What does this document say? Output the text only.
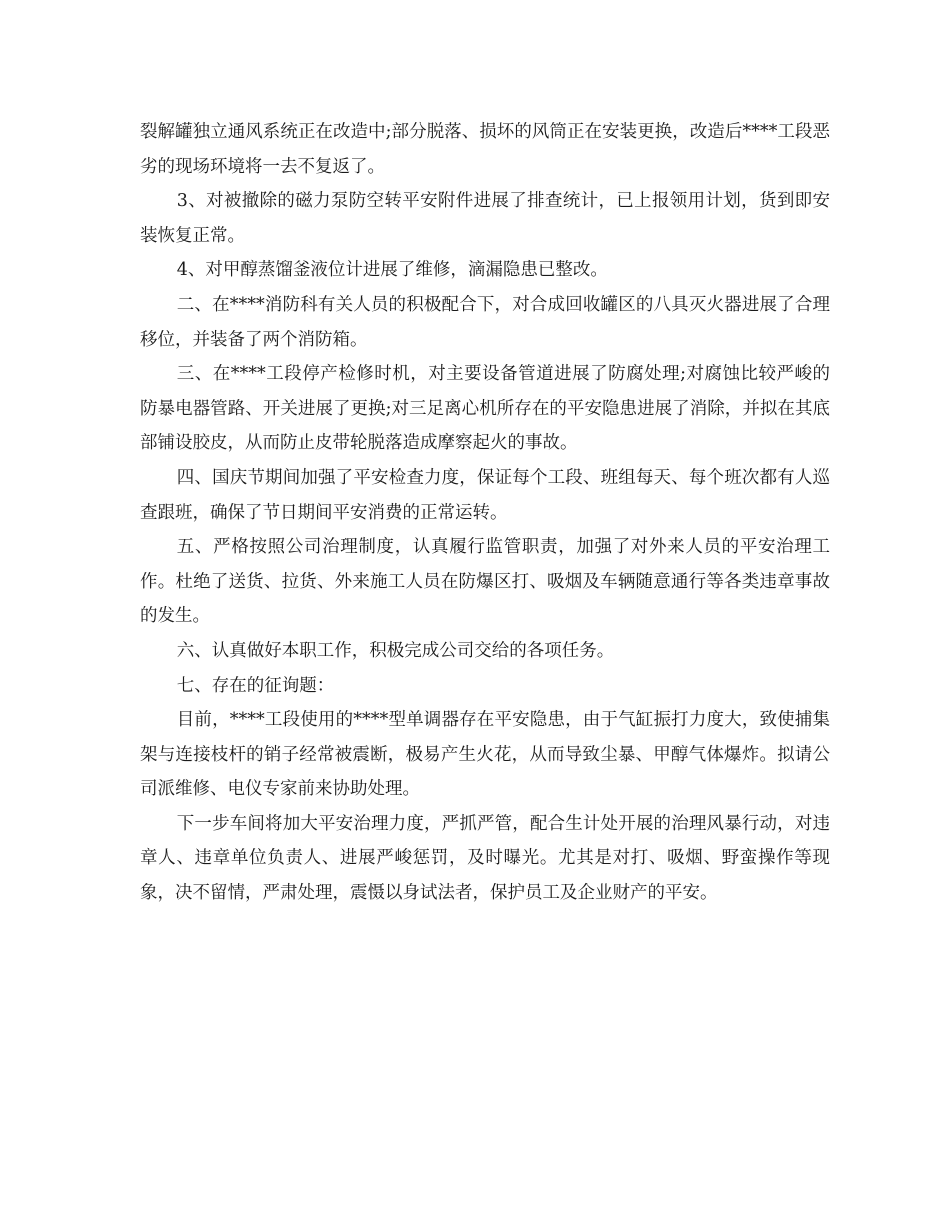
裂解罐独立通风系统正在改造中;部分脱落、损坏的风筒正在安装更换，改造后****工段恶劣的现场环境将一去不复返了。

3、对被撤除的磁力泵防空转平安附件进展了排查统计，已上报领用计划，货到即安装恢复正常。

4、对甲醇蒸馏釜液位计进展了维修，滴漏隐患已整改。

二、在****消防科有关人员的积极配合下，对合成回收罐区的八具灭火器进展了合理移位，并装备了两个消防箱。

三、在****工段停产检修时机，对主要设备管道进展了防腐处理;对腐蚀比较严峻的防暴电器管路、开关进展了更换;对三足离心机所存在的平安隐患进展了消除，并拟在其底部铺设胶皮，从而防止皮带轮脱落造成摩察起火的事故。

四、国庆节期间加强了平安检查力度，保证每个工段、班组每天、每个班次都有人巡查跟班，确保了节日期间平安消费的正常运转。

五、严格按照公司治理制度，认真履行监管职责，加强了对外来人员的平安治理工作。杜绝了送货、拉货、外来施工人员在防爆区打、吸烟及车辆随意通行等各类违章事故的发生。

六、认真做好本职工作，积极完成公司交给的各项任务。

七、存在的征询题：

目前，****工段使用的****型单调器存在平安隐患，由于气缸振打力度大，致使捕集架与连接枝杆的销子经常被震断，极易产生火花，从而导致尘暴、甲醇气体爆炸。拟请公司派维修、电仪专家前来协助处理。

下一步车间将加大平安治理力度，严抓严管，配合生计处开展的治理风暴行动，对违章人、违章单位负责人、进展严峻惩罚，及时曝光。尤其是对打、吸烟、野蛮操作等现象，决不留情，严肃处理，震慑以身试法者，保护员工及企业财产的平安。
